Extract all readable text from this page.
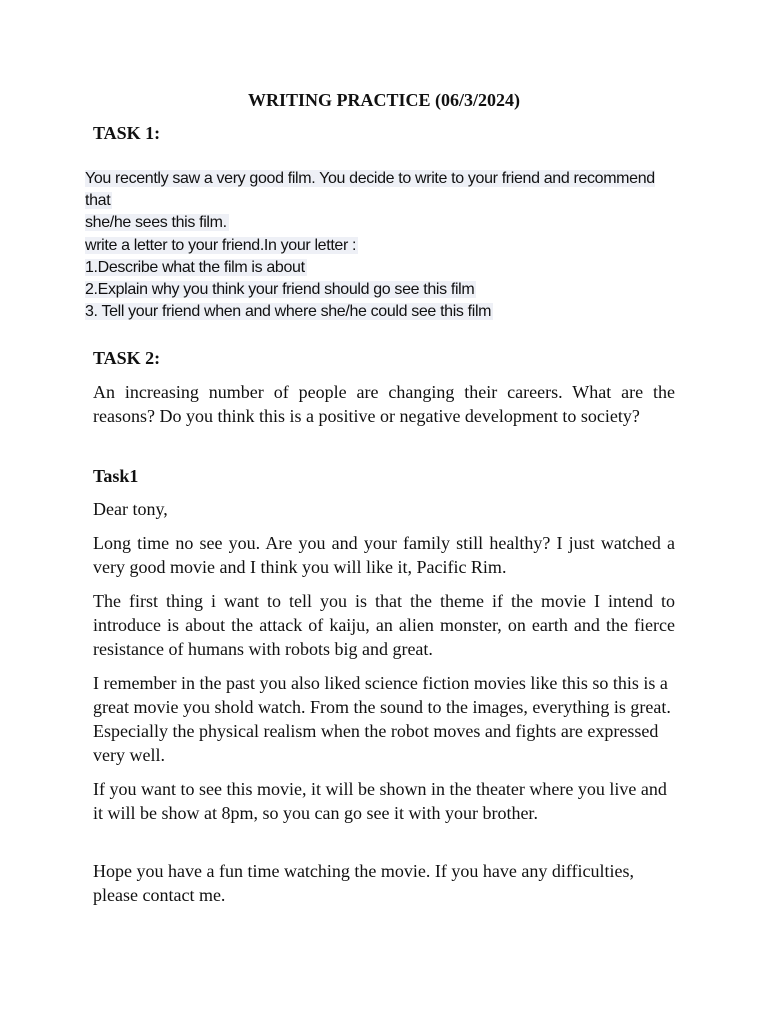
WRITING PRACTICE (06/3/2024)
TASK 1:
You recently saw a very good film. You decide to write to your friend and recommend that
she/he sees this film.
write a letter to your friend.In your letter :
1.Describe what the film is about
2.Explain why you think your friend should go see this film
3. Tell your friend when and where she/he could see this film
TASK 2:
An increasing number of people are changing their careers. What are the reasons? Do you think this is a positive or negative development to society?
Task1
Dear tony,
Long time no see you. Are you and your family still healthy? I just watched a very good movie and I think you will like it, Pacific Rim.
The first thing i want to tell you is that the theme if the movie I intend to introduce is about the attack of kaiju, an alien monster, on earth and the fierce resistance of humans with robots big and great.
I remember in the past you also liked science fiction movies like this so this is a great movie you shold watch. From the sound to the images, everything is great. Especially the physical realism when the robot moves and fights are expressed very well.
If you want to see this movie, it will be shown in the theater where you live and it will be show at 8pm, so you can go see it with your brother.
Hope you have a fun time watching the movie. If you have any difficulties, please contact me.
